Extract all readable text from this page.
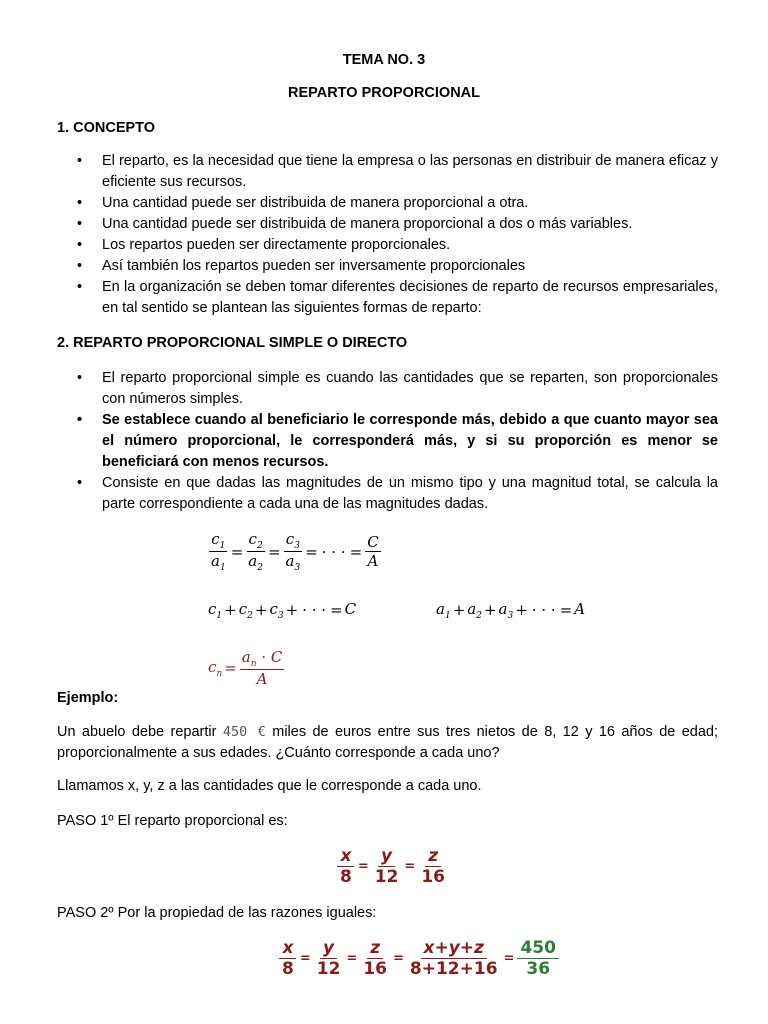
TEMA NO. 3
REPARTO PROPORCIONAL
1. CONCEPTO
• El reparto, es la necesidad que tiene la empresa o las personas en distribuir de manera eficaz y eficiente sus recursos.
• Una cantidad puede ser distribuida de manera proporcional a otra.
• Una cantidad puede ser distribuida de manera proporcional a dos o más variables.
• Los repartos pueden ser directamente proporcionales.
• Así también los repartos pueden ser inversamente proporcionales
• En la organización se deben tomar diferentes decisiones de reparto de recursos empresariales, en tal sentido se plantean las siguientes formas de reparto:
2. REPARTO PROPORCIONAL SIMPLE O DIRECTO
• El reparto proporcional simple es cuando las cantidades que se reparten, son proporcionales con números simples.
• Se establece cuando al beneficiario le corresponde más, debido a que cuanto mayor sea el número proporcional, le corresponderá más, y si su proporción es menor se beneficiará con menos recursos.
• Consiste en que dadas las magnitudes de un mismo tipo y una magnitud total, se calcula la parte correspondiente a cada una de las magnitudes dadas.
$\frac{c_1}{a_1} = \frac{c_2}{a_2} = \frac{c_3}{a_3}$ = · · · = $\frac{C}{A}$
$c_1 + c_2 + c_3$ + · · · = C	$a_1 + a_2 + a_3$ + · · · = A
$c_n = \frac{a_n \cdot C}{A}$
Ejemplo:
Un abuelo debe repartir 450 € miles de euros entre sus tres nietos de 8, 12 y 16 años de edad; proporcionalmente a sus edades. ¿Cuánto corresponde a cada uno?
Llamamos x, y, z a las cantidades que le corresponde a cada uno.
PASO 1º El reparto proporcional es:
$\frac{x}{8} = \frac{y}{12} = \frac{z}{16}$
PASO 2º Por la propiedad de las razones iguales:
$\frac{x}{8} = \frac{y}{12} = \frac{z}{16} = \frac{x+y+z}{8+12+16} = \frac{450}{36}$
